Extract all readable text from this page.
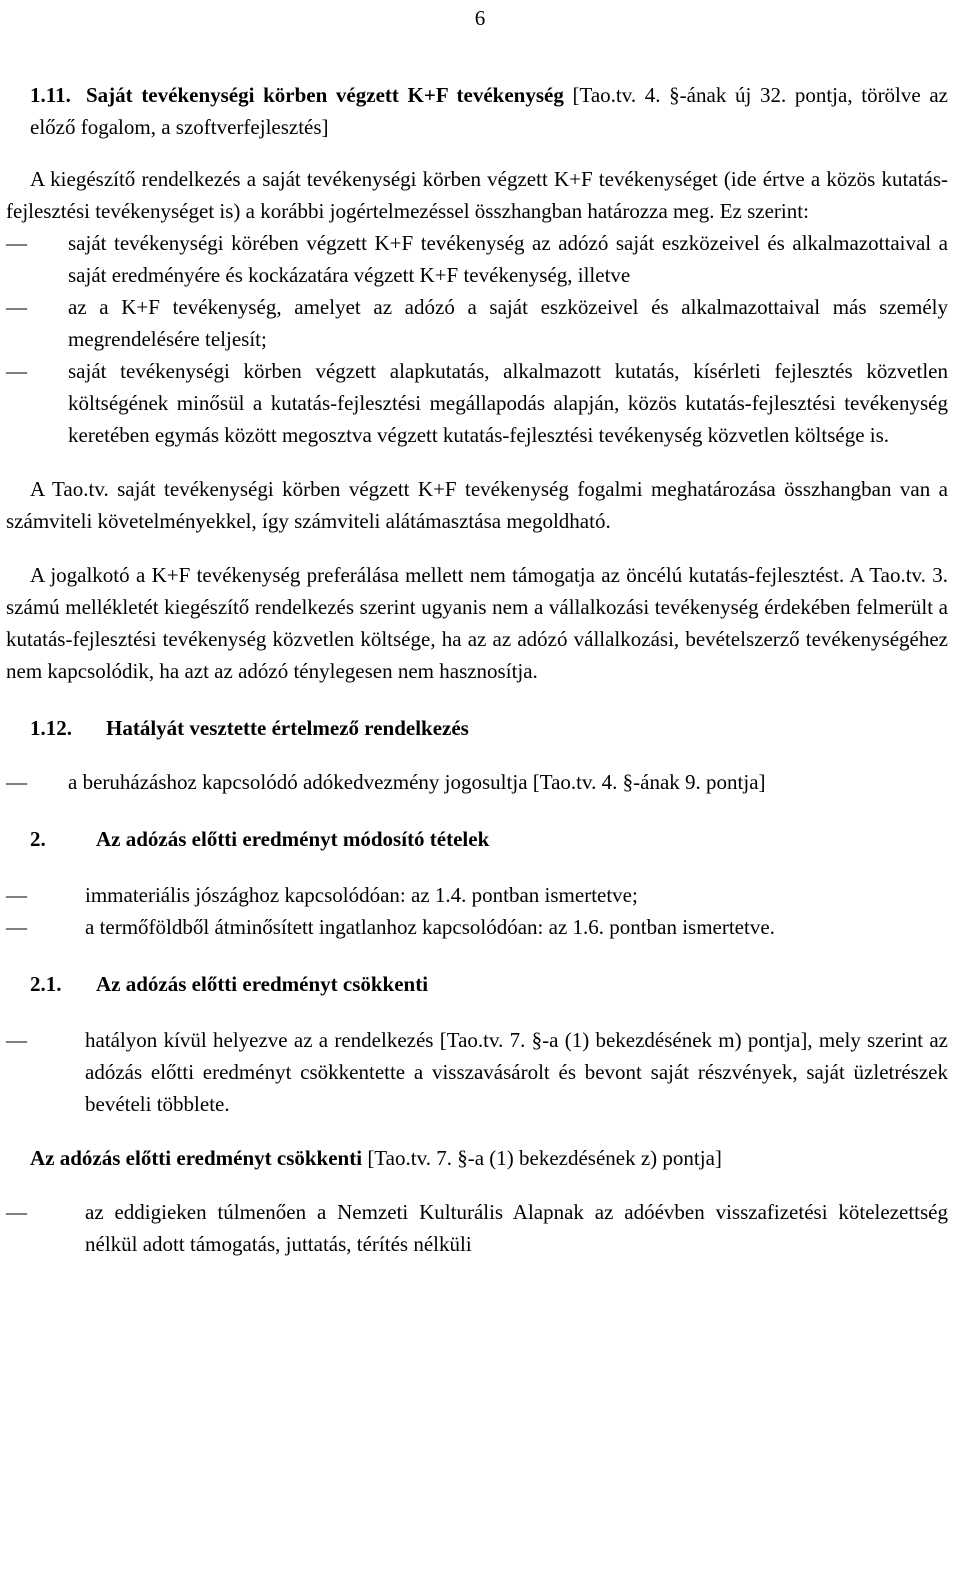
6

1.11. Saját tevékenységi körben végzett K+F tevékenység [Tao.tv. 4. §-ának új 32. pontja, törölve az előző fogalom, a szoftverfejlesztés]

A kiegészítő rendelkezés a saját tevékenységi körben végzett K+F tevékenységet (ide értve a közös kutatás-fejlesztési tevékenységet is) a korábbi jogértelmezéssel összhangban határozza meg. Ez szerint:

—	saját tevékenységi körében végzett K+F tevékenység az adózó saját eszközeivel és alkalmazottaival a saját eredményére és kockázatára végzett K+F tevékenység, illetve
—	az a K+F tevékenység, amelyet az adózó a saját eszközeivel és alkalmazottaival más személy megrendelésére teljesít;
—	saját tevékenységi körben végzett alapkutatás, alkalmazott kutatás, kísérleti fejlesztés közvetlen költségének minősül a kutatás-fejlesztési megállapodás alapján, közös kutatás-fejlesztési tevékenység keretében egymás között megosztva végzett kutatás-fejlesztési tevékenység közvetlen költsége is.

A Tao.tv. saját tevékenységi körben végzett K+F tevékenység fogalmi meghatározása összhangban van a számviteli követelményekkel, így számviteli alátámasztása megoldható.

A jogalkotó a K+F tevékenység preferálása mellett nem támogatja az öncélú kutatás-fejlesztést. A Tao.tv. 3. számú mellékletét kiegészítő rendelkezés szerint ugyanis nem a vállalkozási tevékenység érdekében felmerült a kutatás-fejlesztési tevékenység közvetlen költsége, ha az az adózó vállalkozási, bevételszerző tevékenységéhez nem kapcsolódik, ha azt az adózó ténylegesen nem hasznosítja.

1.12. Hatályát vesztette értelmező rendelkezés

—	a beruházáshoz kapcsolódó adókedvezmény jogosultja [Tao.tv. 4. §-ának 9. pontja]

2. Az adózás előtti eredményt módosító tételek

—	immateriális jószághoz kapcsolódóan: az 1.4. pontban ismertetve;
—	a termőföldből átminősített ingatlanhoz kapcsolódóan: az 1.6. pontban ismertetve.

2.1. Az adózás előtti eredményt csökkenti

—	hatályon kívül helyezve az a rendelkezés [Tao.tv. 7. §-a (1) bekezdésének m) pontja], mely szerint az adózás előtti eredményt csökkentette a visszavásárolt és bevont saját részvények, saját üzletrészek bevételi többlete.

Az adózás előtti eredményt csökkenti [Tao.tv. 7. §-a (1) bekezdésének z) pontja]

—	az eddigieken túlmenően a Nemzeti Kulturális Alapnak az adóévben visszafizetési kötelezettség nélkül adott támogatás, juttatás, térítés nélküli
